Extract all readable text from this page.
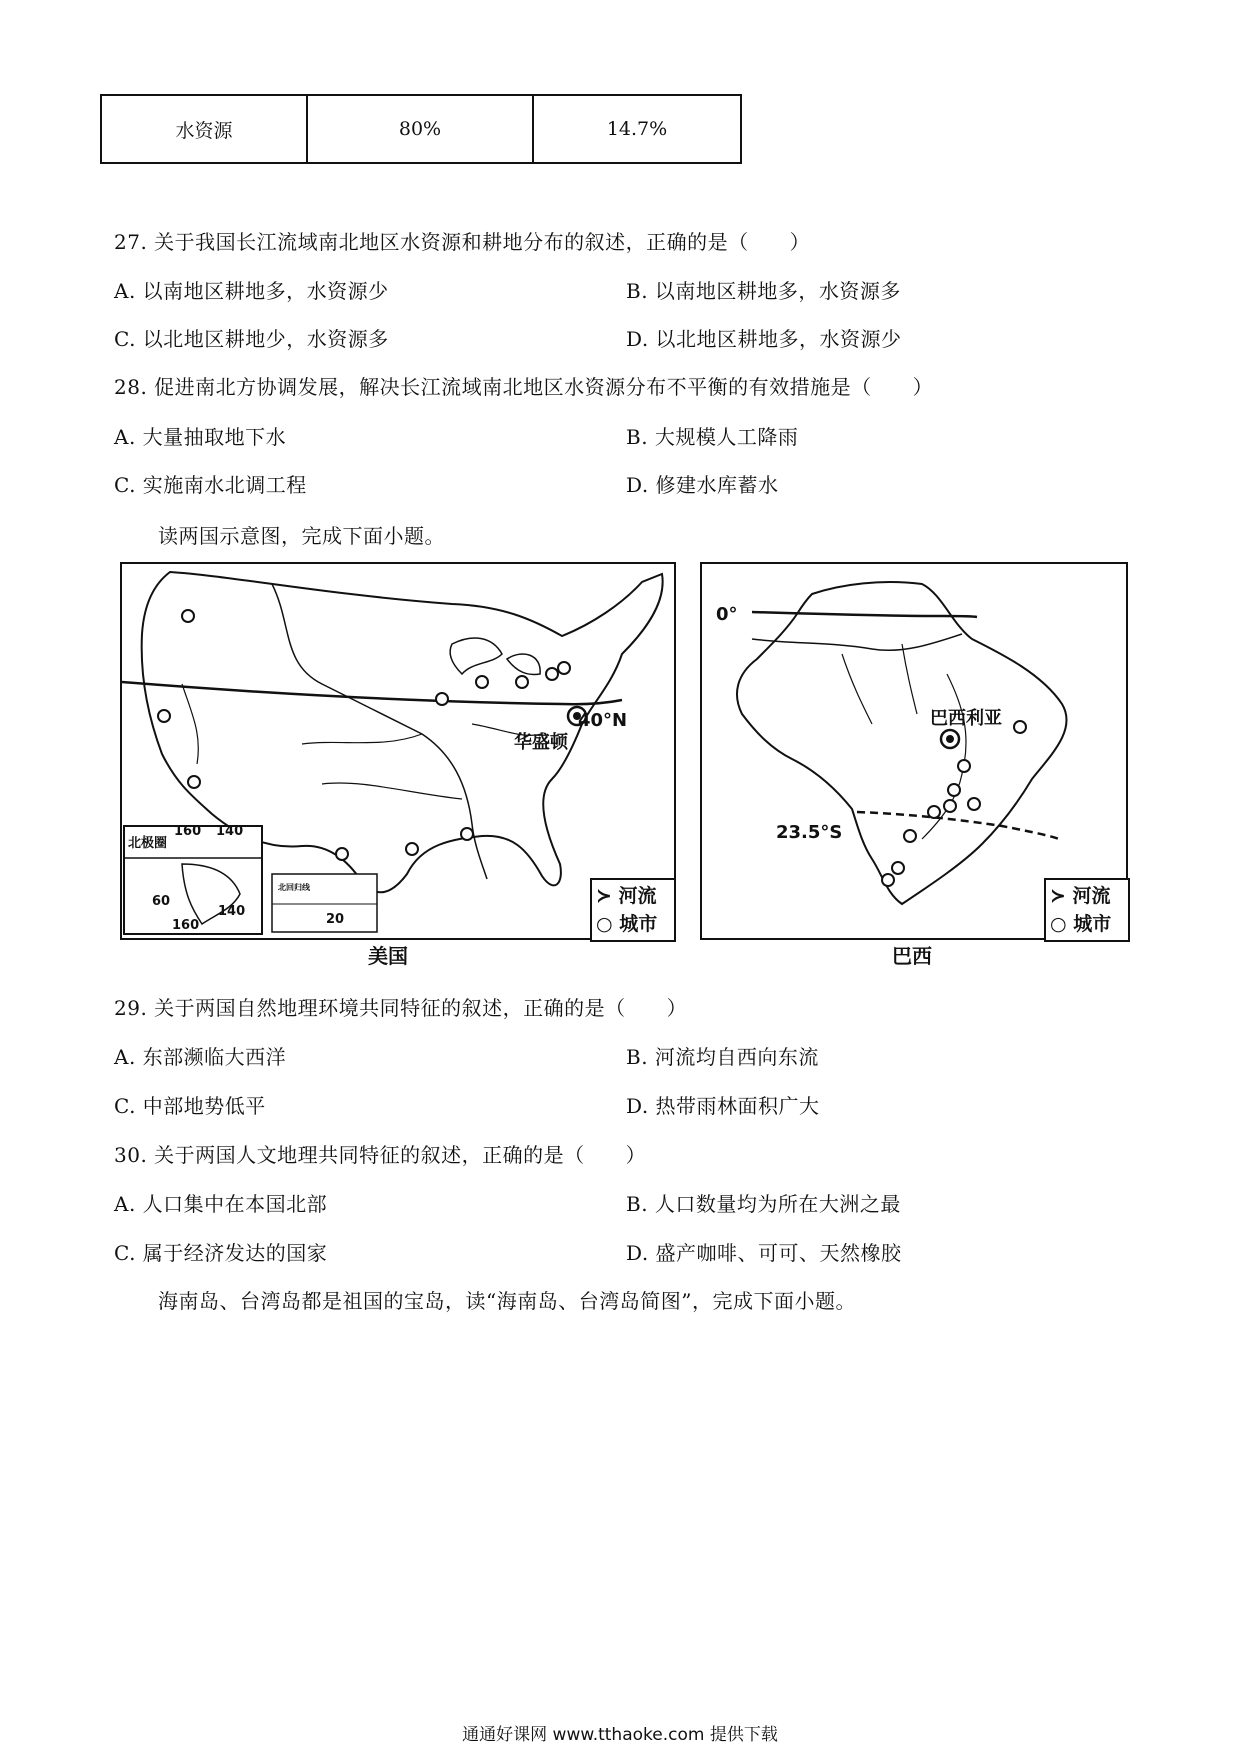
水资源	80%	14.7%
27. 关于我国长江流域南北地区水资源和耕地分布的叙述，正确的是（　　）
A. 以南地区耕地多，水资源少	B. 以南地区耕地多，水资源多
C. 以北地区耕地少，水资源多	D. 以北地区耕地多，水资源少
28. 促进南北方协调发展，解决长江流域南北地区水资源分布不平衡的有效措施是（　　）
A. 大量抽取地下水	B. 大规模人工降雨
C. 实施南水北调工程	D. 修建水库蓄水
读两国示意图，完成下面小题。
40°N
华盛顿
北极圈
160 140
60
140
160
北回归线
20
≻ 河流
○ 城市
美国
0°
巴西利亚
23.5°S
≻ 河流
○ 城市
巴西
29. 关于两国自然地理环境共同特征的叙述，正确的是（　　）
A. 东部濒临大西洋	B. 河流均自西向东流
C. 中部地势低平	D. 热带雨林面积广大
30. 关于两国人文地理共同特征的叙述，正确的是（　　）
A. 人口集中在本国北部	B. 人口数量均为所在大洲之最
C. 属于经济发达的国家	D. 盛产咖啡、可可、天然橡胶
海南岛、台湾岛都是祖国的宝岛，读“海南岛、台湾岛简图”，完成下面小题。
通通好课网 www.tthaoke.com 提供下载
